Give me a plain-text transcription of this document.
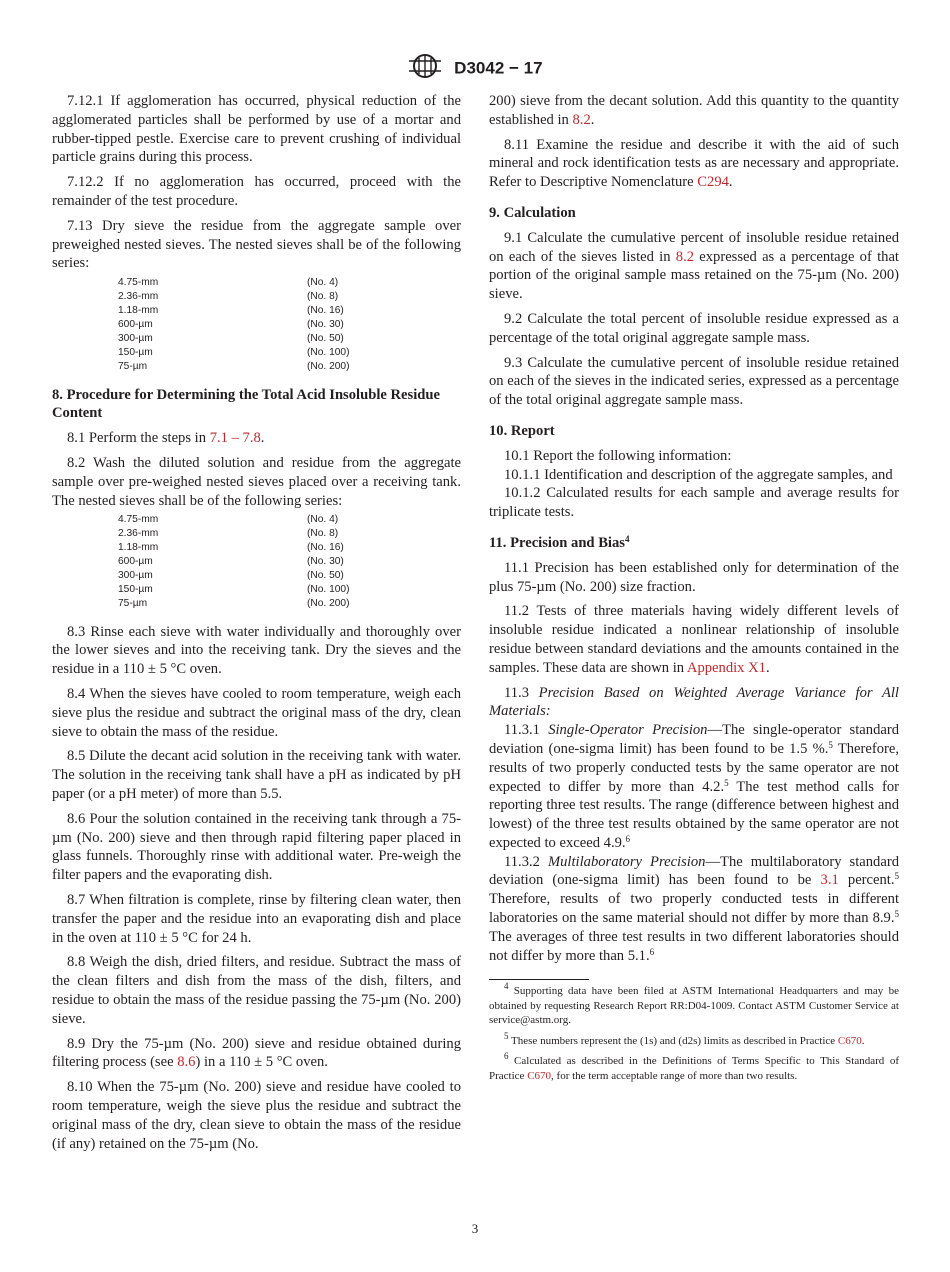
D3042 − 17

7.12.1 If agglomeration has occurred, physical reduction of the agglomerated particles shall be performed by use of a mortar and rubber-tipped pestle. Exercise care to prevent crushing of individual particle grains during this process.

7.12.2 If no agglomeration has occurred, proceed with the remainder of the test procedure.

7.13 Dry sieve the residue from the aggregate sample over preweighed nested sieves. The nested sieves shall be of the following series:

4.75-mm	(No. 4)
2.36-mm	(No. 8)
1.18-mm	(No. 16)
600-µm	(No. 30)
300-µm	(No. 50)
150-µm	(No. 100)
75-µm	(No. 200)
8. Procedure for Determining the Total Acid Insoluble Residue Content

8.1 Perform the steps in 7.1 – 7.8.

8.2 Wash the diluted solution and residue from the aggregate sample over pre-weighed nested sieves placed over a receiving tank. The nested sieves shall be of the following series:

4.75-mm	(No. 4)
2.36-mm	(No. 8)
1.18-mm	(No. 16)
600-µm	(No. 30)
300-µm	(No. 50)
150-µm	(No. 100)
75-µm	(No. 200)

8.3 Rinse each sieve with water individually and thoroughly over the lower sieves and into the receiving tank. Dry the sieves and the residue in a 110 ± 5 °C oven.

8.4 When the sieves have cooled to room temperature, weigh each sieve plus the residue and subtract the original mass of the dry, clean sieve to obtain the mass of the residue.

8.5 Dilute the decant acid solution in the receiving tank with water. The solution in the receiving tank shall have a pH as indicated by pH paper (or a pH meter) of more than 5.5.

8.6 Pour the solution contained in the receiving tank through a 75-µm (No. 200) sieve and then through rapid filtering paper placed in glass funnels. Thoroughly rinse with additional water. Pre-weigh the filter papers and the evaporating dish.

8.7 When filtration is complete, rinse by filtering clean water, then transfer the paper and the residue into an evaporating dish and place in the oven at 110 ± 5 °C for 24 h.

8.8 Weigh the dish, dried filters, and residue. Subtract the mass of the clean filters and dish from the mass of the dish, filters, and residue to obtain the mass of the residue passing the 75-µm (No. 200) sieve.

8.9 Dry the 75-µm (No. 200) sieve and residue obtained during filtering process (see 8.6) in a 110 ± 5 °C oven.

8.10 When the 75-µm (No. 200) sieve and residue have cooled to room temperature, weigh the sieve plus the residue and subtract the original mass of the dry, clean sieve to obtain the mass of the residue (if any) retained on the 75-µm (No.

200) sieve from the decant solution. Add this quantity to the quantity established in 8.2.

8.11 Examine the residue and describe it with the aid of such mineral and rock identification tests as are necessary and appropriate. Refer to Descriptive Nomenclature C294.

9. Calculation

9.1 Calculate the cumulative percent of insoluble residue retained on each of the sieves listed in 8.2 expressed as a percentage of that portion of the original sample mass retained on the 75-µm (No. 200) sieve.

9.2 Calculate the total percent of insoluble residue expressed as a percentage of the total original aggregate sample mass.

9.3 Calculate the cumulative percent of insoluble residue retained on each of the sieves in the indicated series, expressed as a percentage of the total original aggregate sample mass.

10. Report

10.1 Report the following information:

10.1.1 Identification and description of the aggregate samples, and

10.1.2 Calculated results for each sample and average results for triplicate tests.

11. Precision and Bias$^4$

11.1 Precision has been established only for determination of the plus 75-µm (No. 200) size fraction.

11.2 Tests of three materials having widely different levels of insoluble residue indicated a nonlinear relationship of insoluble residue between standard deviations and the amounts contained in the samples. These data are shown in Appendix X1.

11.3 Precision Based on Weighted Average Variance for All Materials:

11.3.1 Single-Operator Precision—The single-operator standard deviation (one-sigma limit) has been found to be 1.5 %.$^5$ Therefore, results of two properly conducted tests by the same operator are not expected to differ by more than 4.2.$^5$ The test method calls for reporting three test results. The range (difference between highest and lowest) of the three test results obtained by the same operator are not expected to exceed 4.9.$^6$

11.3.2 Multilaboratory Precision—The multilaboratory standard deviation (one-sigma limit) has been found to be 3.1 percent.$^5$ Therefore, results of two properly conducted tests in different laboratories on the same material should not differ by more than 8.9.$^5$ The averages of three test results in two different laboratories should not differ by more than 5.1.$^6$

$^4$ Supporting data have been filed at ASTM International Headquarters and may be obtained by requesting Research Report RR:D04-1009. Contact ASTM Customer Service at service@astm.org.

$^5$ These numbers represent the (1s) and (d2s) limits as described in Practice C670.

$^6$ Calculated as described in the Definitions of Terms Specific to This Standard of Practice C670, for the term acceptable range of more than two results.

3
